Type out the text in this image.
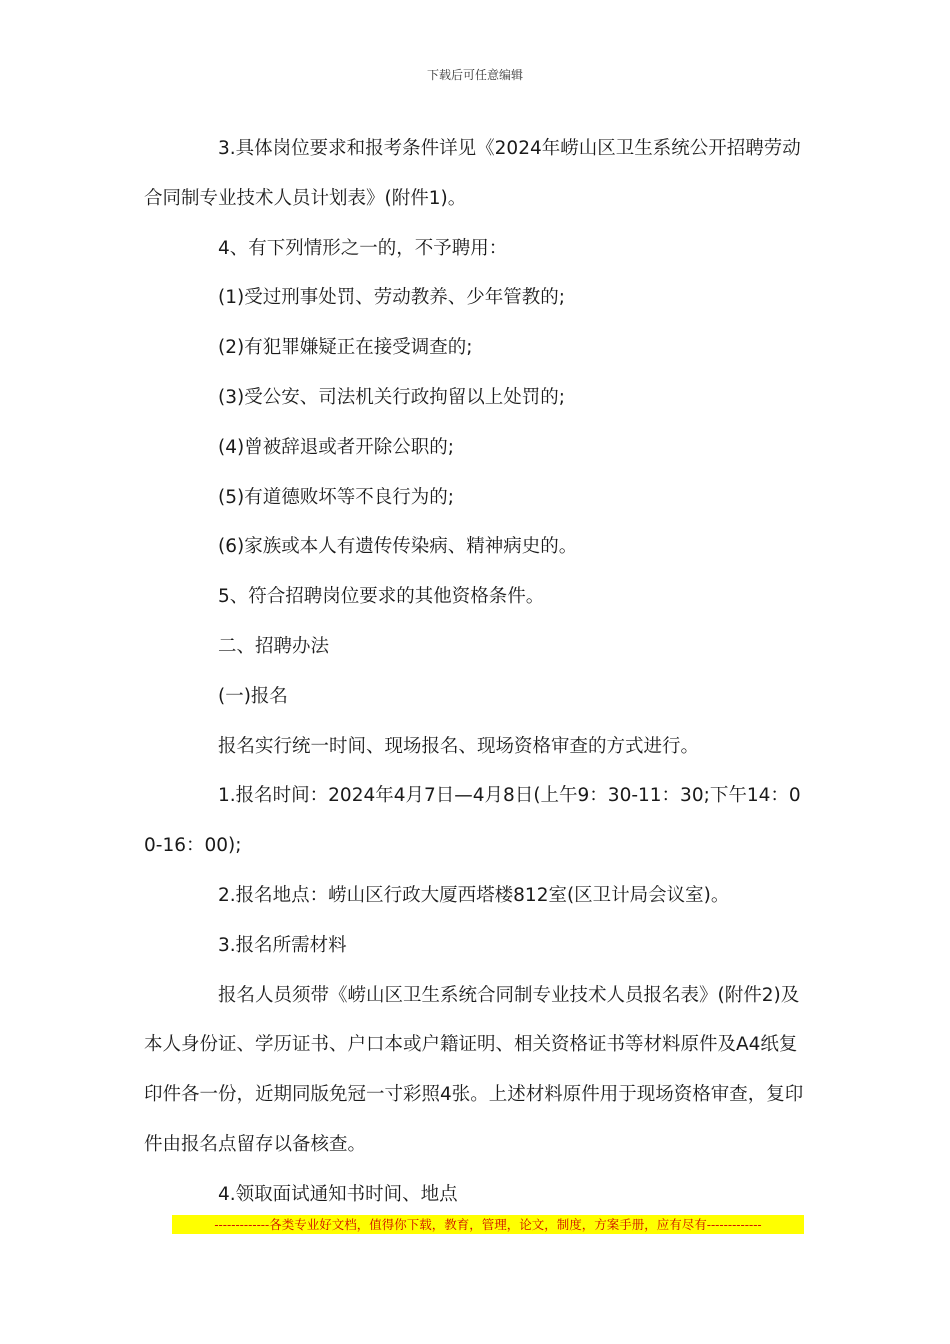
下载后可任意编辑

3.具体岗位要求和报考条件详见《2024年崂山区卫生系统公开招聘劳动合同制专业技术人员计划表》(附件1)。

4、有下列情形之一的，不予聘用：

(1)受过刑事处罚、劳动教养、少年管教的;

(2)有犯罪嫌疑正在接受调查的;

(3)受公安、司法机关行政拘留以上处罚的;

(4)曾被辞退或者开除公职的;

(5)有道德败坏等不良行为的;

(6)家族或本人有遗传传染病、精神病史的。

5、符合招聘岗位要求的其他资格条件。

二、招聘办法

(一)报名

报名实行统一时间、现场报名、现场资格审查的方式进行。

1.报名时间：2024年4月7日—4月8日(上午9：30-11：30;下午14：00-16：00);

2.报名地点：崂山区行政大厦西塔楼812室(区卫计局会议室)。

3.报名所需材料

报名人员须带《崂山区卫生系统合同制专业技术人员报名表》(附件2)及本人身份证、学历证书、户口本或户籍证明、相关资格证书等材料原件及A4纸复印件各一份，近期同版免冠一寸彩照4张。上述材料原件用于现场资格审查，复印件由报名点留存以备核查。

4.领取面试通知书时间、地点

-------------各类专业好文档，值得你下载，教育，管理，论文，制度，方案手册，应有尽有-------------
